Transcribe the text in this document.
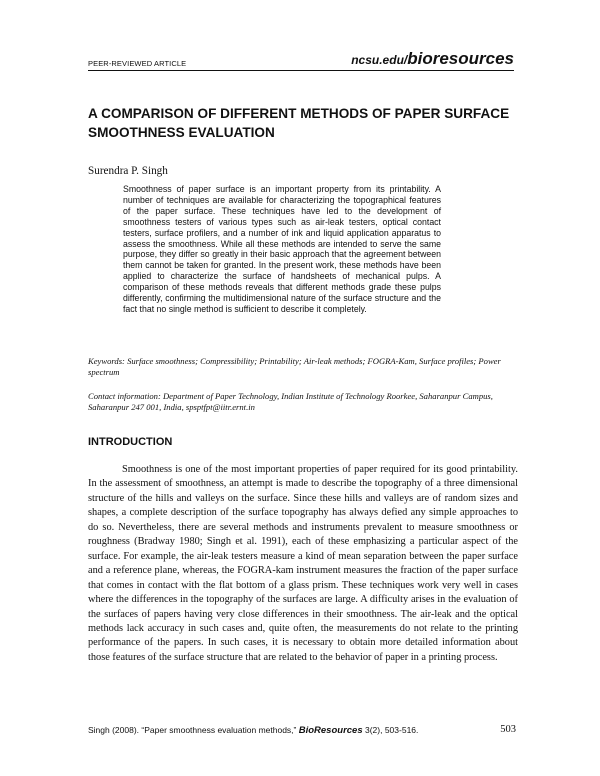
PEER-REVIEWED ARTICLE	ncsu.edu/bioresources
A COMPARISON OF DIFFERENT METHODS OF PAPER SURFACE SMOOTHNESS EVALUATION
Surendra P. Singh

Smoothness of paper surface is an important property from its printability. A number of techniques are available for characterizing the topographical features of the paper surface. These techniques have led to the development of smoothness testers of various types such as air-leak testers, optical contact testers, surface profilers, and a number of ink and liquid application apparatus to assess the smoothness. While all these methods are intended to serve the same purpose, they differ so greatly in their basic approach that the agreement between them cannot be taken for granted. In the present work, these methods have been applied to characterize the surface of handsheets of mechanical pulps. A comparison of these methods reveals that different methods grade these pulps differently, confirming the multidimensional nature of the surface structure and the fact that no single method is sufficient to describe it completely.

Keywords: Surface smoothness; Compressibility; Printability; Air-leak methods; FOGRA-Kam, Surface profiles; Power spectrum

Contact information: Department of Paper Technology, Indian Institute of Technology Roorkee, Saharanpur Campus, Saharanpur 247 001, India, spsptfpt@iitr.ernt.in

INTRODUCTION

Smoothness is one of the most important properties of paper required for its good printability. In the assessment of smoothness, an attempt is made to describe the topography of a three dimensional structure of the hills and valleys on the surface. Since these hills and valleys are of random sizes and shapes, a complete description of the surface topography has always defied any simple approaches to do so. Nevertheless, there are several methods and instruments prevalent to measure smoothness or roughness (Bradway 1980; Singh et al. 1991), each of these emphasizing a particular aspect of the surface. For example, the air-leak testers measure a kind of mean separation between the paper surface and a reference plane, whereas, the FOGRA-kam instrument measures the fraction of the paper surface that comes in contact with the flat bottom of a glass prism. These techniques work very well in cases where the differences in the topography of the surfaces are large. A difficulty arises in the evaluation of the surfaces of papers having very close differences in their smoothness. The air-leak and the optical methods lack accuracy in such cases and, quite often, the measurements do not relate to the printing performance of the papers. In such cases, it is necessary to obtain more detailed information about those features of the surface structure that are related to the behavior of paper in a printing process.

Singh (2008). “Paper smoothness evaluation methods,” BioResources 3(2), 503-516.	503
